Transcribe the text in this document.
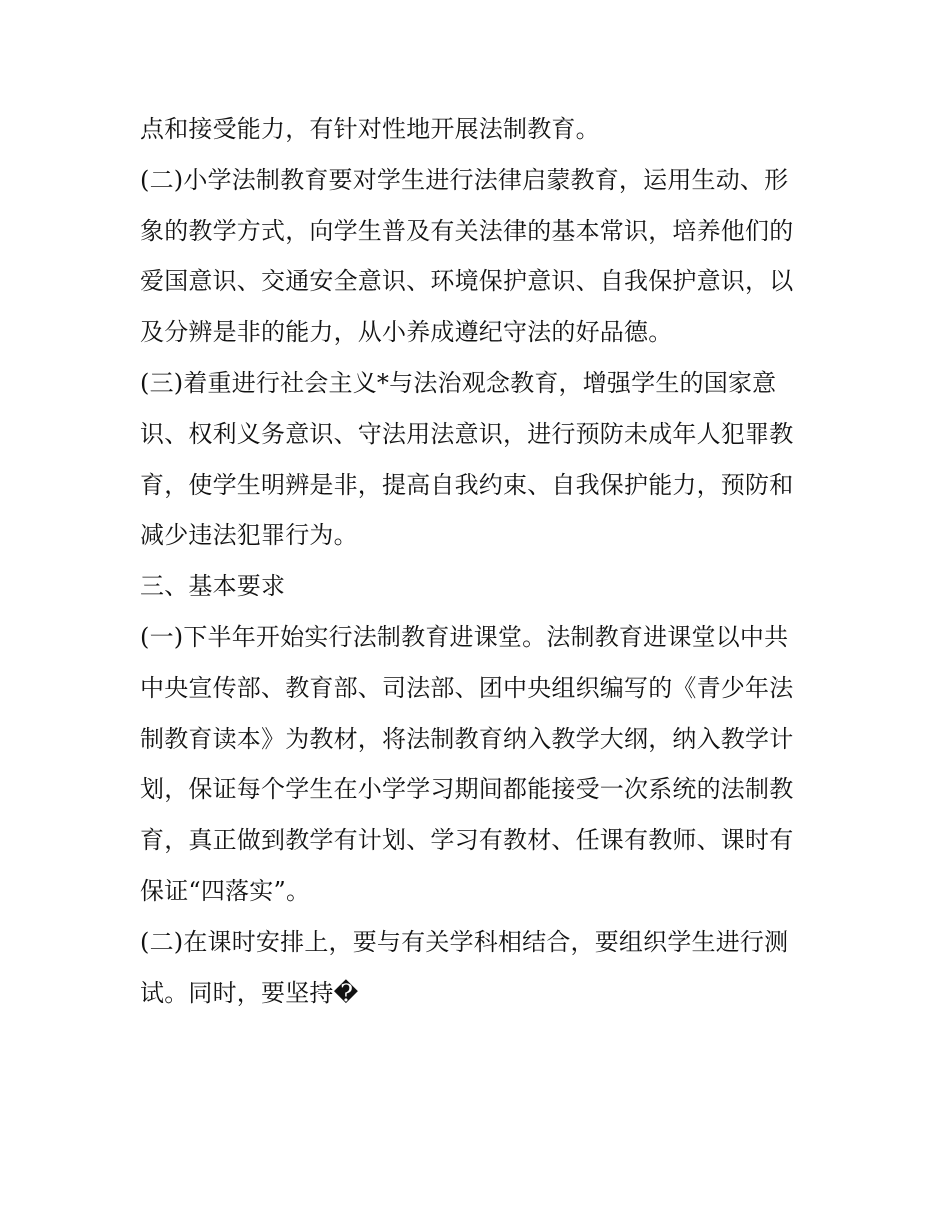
点和接受能力，有针对性地开展法制教育。
(二)小学法制教育要对学生进行法律启蒙教育，运用生动、形
象的教学方式，向学生普及有关法律的基本常识，培养他们的
爱国意识、交通安全意识、环境保护意识、自我保护意识，以
及分辨是非的能力，从小养成遵纪守法的好品德。
(三)着重进行社会主义*与法治观念教育，增强学生的国家意
识、权利义务意识、守法用法意识，进行预防未成年人犯罪教
育，使学生明辨是非，提高自我约束、自我保护能力，预防和
减少违法犯罪行为。
三、基本要求
(一)下半年开始实行法制教育进课堂。法制教育进课堂以中共
中央宣传部、教育部、司法部、团中央组织编写的《青少年法
制教育读本》为教材，将法制教育纳入教学大纲，纳入教学计
划，保证每个学生在小学学习期间都能接受一次系统的法制教
育，真正做到教学有计划、学习有教材、任课有教师、课时有
保证“四落实”。
(二)在课时安排上，要与有关学科相结合，要组织学生进行测
试。同时，要坚持�
